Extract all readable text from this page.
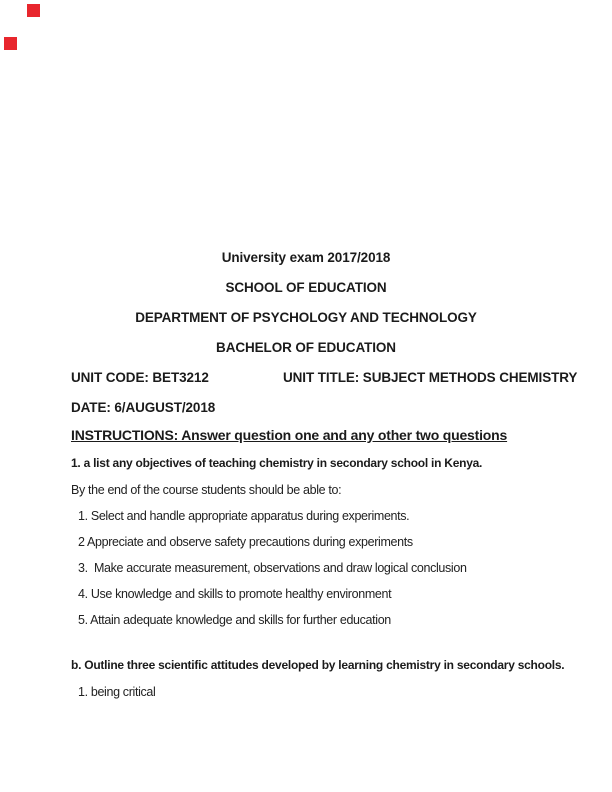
University exam 2017/2018
SCHOOL OF EDUCATION
DEPARTMENT OF PSYCHOLOGY AND TECHNOLOGY
BACHELOR OF EDUCATION

UNIT CODE: BET3212

	UNIT TITLE: SUBJECT METHODS CHEMISTRY

DATE: 6/AUGUST/2018
INSTRUCTIONS: Answer question one and any other two questions
1. a list any objectives of teaching chemistry in secondary school in Kenya.
By the end of the course students should be able to:
1. Select and handle appropriate apparatus during experiments.
2 Appreciate and observe safety precautions during experiments
3.  Make accurate measurement, observations and draw logical conclusion
4. Use knowledge and skills to promote healthy environment
5. Attain adequate knowledge and skills for further education
b. Outline three scientific attitudes developed by learning chemistry in secondary schools.
1. being critical
